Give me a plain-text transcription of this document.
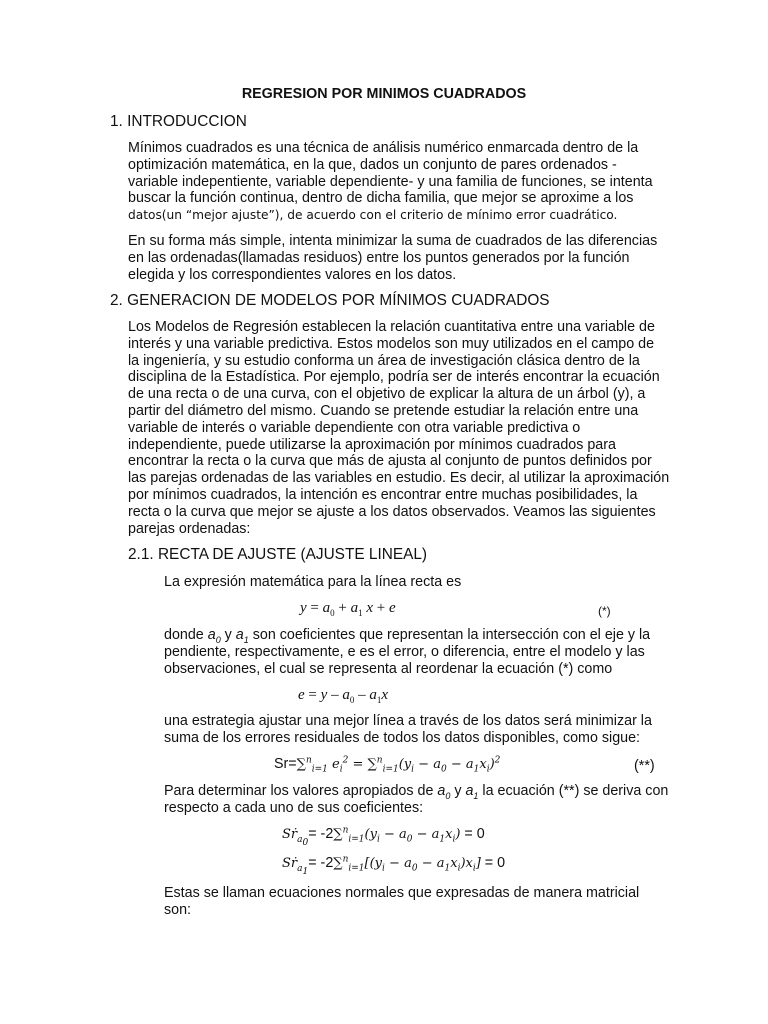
REGRESION POR MINIMOS CUADRADOS
1. INTRODUCCION
Mínimos cuadrados es una técnica de análisis numérico enmarcada dentro de la
optimización matemática, en la que, dados un conjunto de pares ordenados -
variable indepentiente, variable dependiente- y una familia de funciones, se intenta
buscar la función continua, dentro de dicha familia, que mejor se aproxime a los
datos(un “mejor ajuste”), de acuerdo con el criterio de mínimo error cuadrático.
En su forma más simple, intenta minimizar la suma de cuadrados de las diferencias
en las ordenadas(llamadas residuos) entre los puntos generados por la función
elegida y los correspondientes valores en los datos.
2. GENERACION DE MODELOS POR MÍNIMOS CUADRADOS
Los Modelos de Regresión establecen la relación cuantitativa entre una variable de
interés y una variable predictiva. Estos modelos son muy utilizados en el campo de
la ingeniería, y su estudio conforma un área de investigación clásica dentro de la
disciplina de la Estadística. Por ejemplo, podría ser de interés encontrar la ecuación
de una recta o de una curva, con el objetivo de explicar la altura de un árbol (y), a
partir del diámetro del mismo. Cuando se pretende estudiar la relación entre una
variable de interés o variable dependiente con otra variable predictiva o
independiente, puede utilizarse la aproximación por mínimos cuadrados para
encontrar la recta o la curva que más de ajusta al conjunto de puntos definidos por
las parejas ordenadas de las variables en estudio. Es decir, al utilizar la aproximación
por mínimos cuadrados, la intención es encontrar entre muchas posibilidades, la
recta o la curva que mejor se ajuste a los datos observados. Veamos las siguientes
parejas ordenadas:
2.1. RECTA DE AJUSTE (AJUSTE LINEAL)
La expresión matemática para la línea recta es
$y = a_0 + a_1$ x + e	(*)
donde $a_0$ y $a_1$ son coeficientes que representan la intersección con el eje y la
pendiente, respectivamente, e es el error, o diferencia, entre el modelo y las
observaciones, el cual se representa al reordenar la ecuación (*) como
$e = y - a_0 - a_1x$
una estrategia ajustar una mejor línea a través de los datos será minimizar la
suma de los errores residuales de todos los datos disponibles, como sigue:
Sr=∑$^n_{i=1}$ $e_i^2 = \sum^n_{i=1}(y_i - a_0 - a_1x_i)^2$	(**)
Para determinar los valores apropiados de $a_0$ y $a_1$ la ecuación (**) se deriva con
respecto a cada uno de sus coeficientes:
Sṙ$_{a_0}$= $-2\sum^n_{i=1}(y_i - a_0 - a_1x_i) = 0$
Sṙ$_{a_1}$= $-2\sum^n_{i=1}[(y_i - a_0 - a_1x_i)x_i] = 0$
Estas se llaman ecuaciones normales que expresadas de manera matricial son:
